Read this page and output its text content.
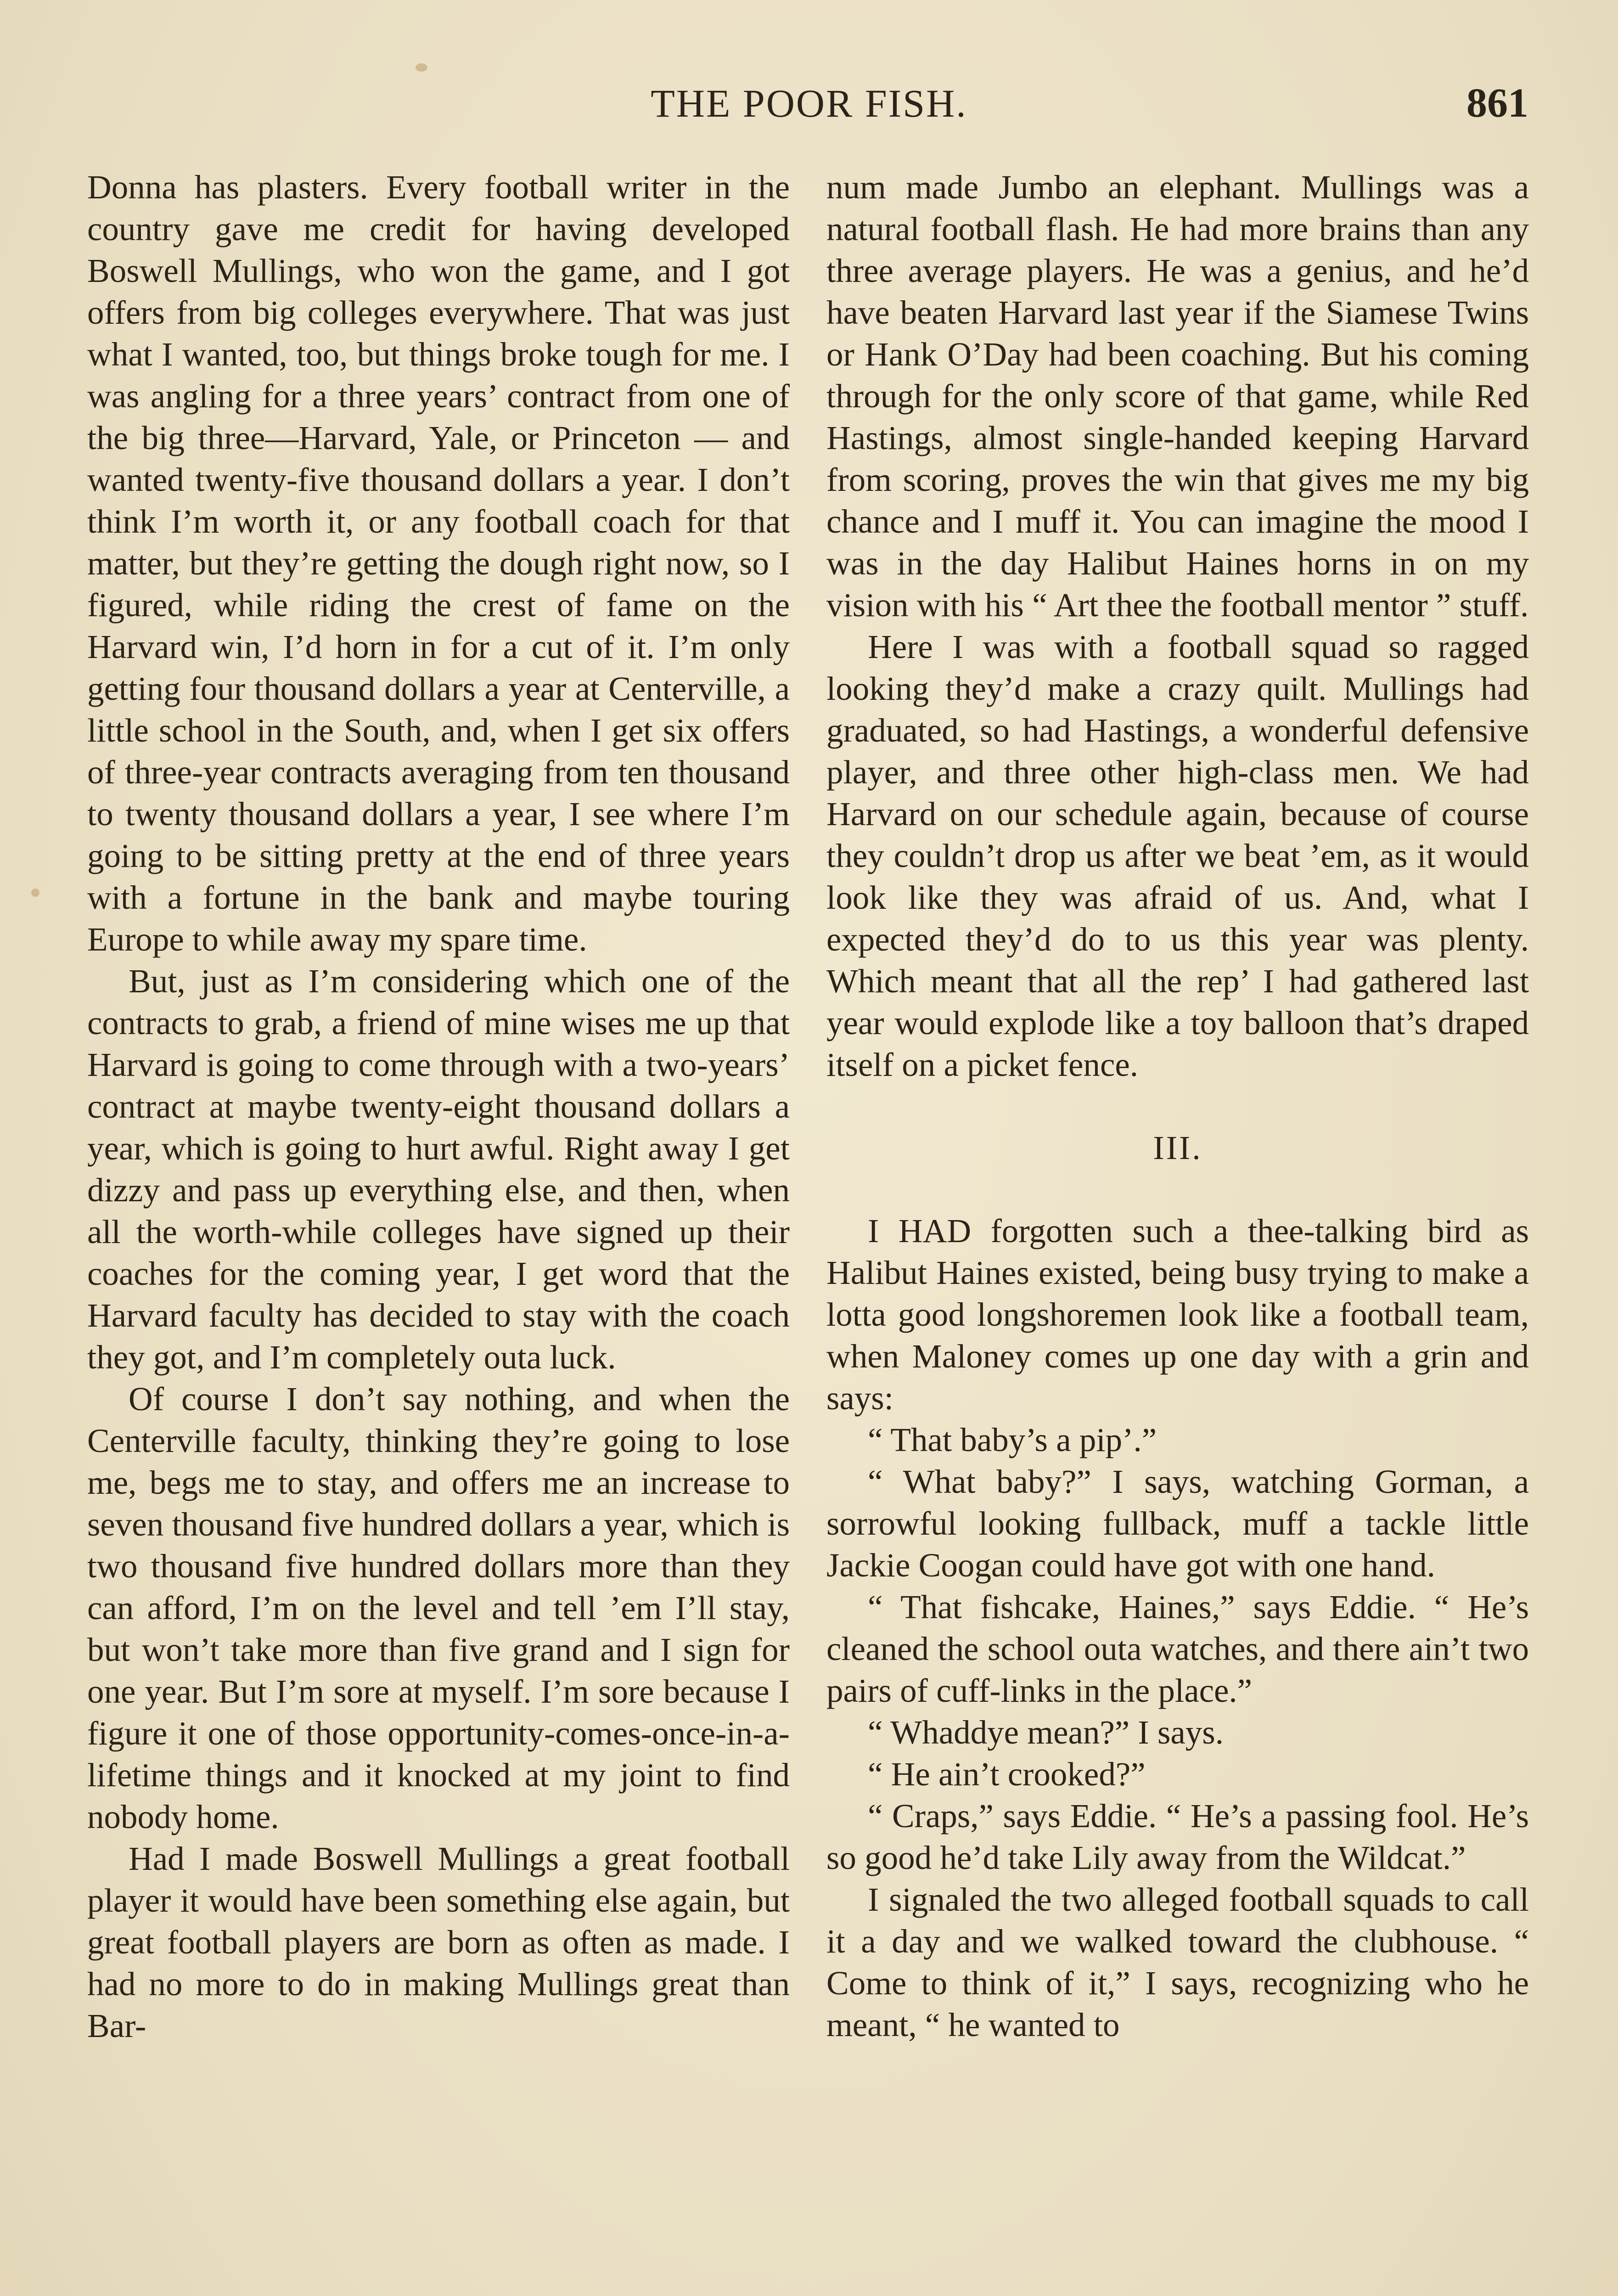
THE POOR FISH.	861

Donna has plasters. Every football writer in the country gave me credit for having developed Boswell Mullings, who won the game, and I got offers from big colleges everywhere. That was just what I wanted, too, but things broke tough for me. I was angling for a three years’ contract from one of the big three—Harvard, Yale, or Princeton — and wanted twenty-five thousand dollars a year. I don’t think I’m worth it, or any football coach for that matter, but they’re getting the dough right now, so I figured, while riding the crest of fame on the Harvard win, I’d horn in for a cut of it. I’m only getting four thousand dollars a year at Centerville, a little school in the South, and, when I get six offers of three-year contracts averaging from ten thousand to twenty thousand dollars a year, I see where I’m going to be sitting pretty at the end of three years with a fortune in the bank and maybe touring Europe to while away my spare time.

But, just as I’m considering which one of the contracts to grab, a friend of mine wises me up that Harvard is going to come through with a two-years’ contract at maybe twenty-eight thousand dollars a year, which is going to hurt awful. Right away I get dizzy and pass up everything else, and then, when all the worth-while colleges have signed up their coaches for the coming year, I get word that the Harvard faculty has decided to stay with the coach they got, and I’m completely outa luck.

Of course I don’t say nothing, and when the Centerville faculty, thinking they’re going to lose me, begs me to stay, and offers me an increase to seven thousand five hundred dollars a year, which is two thousand five hundred dollars more than they can afford, I’m on the level and tell ’em I’ll stay, but won’t take more than five grand and I sign for one year. But I’m sore at myself. I’m sore because I figure it one of those opportunity-comes-once-in-a-lifetime things and it knocked at my joint to find nobody home.

Had I made Boswell Mullings a great football player it would have been something else again, but great football players are born as often as made. I had no more to do in making Mullings great than Bar-

num made Jumbo an elephant. Mullings was a natural football flash. He had more brains than any three average players. He was a genius, and he’d have beaten Harvard last year if the Siamese Twins or Hank O’Day had been coaching. But his coming through for the only score of that game, while Red Hastings, almost single-handed keeping Harvard from scoring, proves the win that gives me my big chance and I muff it. You can imagine the mood I was in the day Halibut Haines horns in on my vision with his “ Art thee the football mentor ” stuff.

Here I was with a football squad so ragged looking they’d make a crazy quilt. Mullings had graduated, so had Hastings, a wonderful defensive player, and three other high-class men. We had Harvard on our schedule again, because of course they couldn’t drop us after we beat ’em, as it would look like they was afraid of us. And, what I expected they’d do to us this year was plenty. Which meant that all the rep’ I had gathered last year would explode like a toy balloon that’s draped itself on a picket fence.

III.

I HAD forgotten such a thee-talking bird as Halibut Haines existed, being busy trying to make a lotta good longshoremen look like a football team, when Maloney comes up one day with a grin and says:

“ That baby’s a pip’.”

“ What baby?” I says, watching Gorman, a sorrowful looking fullback, muff a tackle little Jackie Coogan could have got with one hand.

“ That fishcake, Haines,” says Eddie. “ He’s cleaned the school outa watches, and there ain’t two pairs of cuff-links in the place.”

“ Whaddye mean?” I says.

“ He ain’t crooked?”

“ Craps,” says Eddie. “ He’s a passing fool. He’s so good he’d take Lily away from the Wildcat.”

I signaled the two alleged football squads to call it a day and we walked toward the clubhouse. “ Come to think of it,” I says, recognizing who he meant, “ he wanted to
